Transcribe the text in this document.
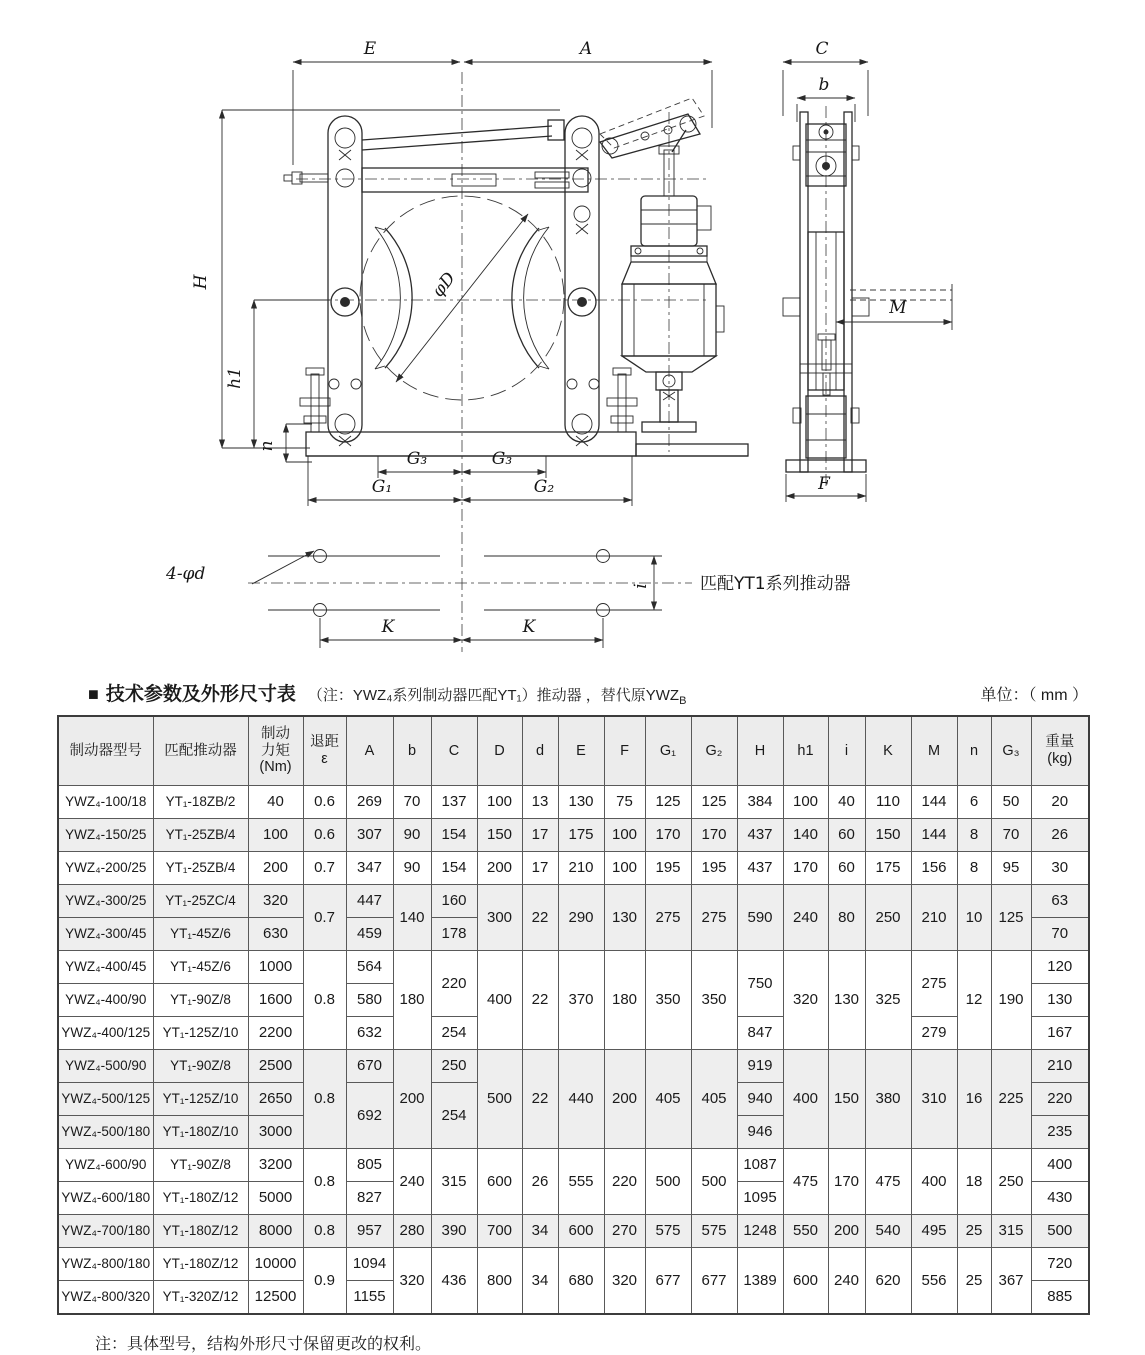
E	A
H
h1
n
φD
G₃	G₃
G₁	G₂
C
b
M
F
4-φd
i
K	K
匹配YT1系列推动器
■ 技术参数及外形尺寸表 （注：YWZ₄系列制动器匹配YT₁）推动器 ，替代原$YWZ_B$	单位：（ mm ）
制动器型号	匹配推动器	制动
力矩
(Nm)	退距
ε	A	b	C	D	d	E	F	G₁	G₂	H	h1	i	K	M	n	G₃	重量
(kg)
YWZ₄-100/18	YT₁-18ZB/2	40	0.6	269	70	137	100	13	130	75	125	125	384	100	40	110	144	6	50	20
YWZ₄-150/25	YT₁-25ZB/4	100	0.6	307	90	154	150	17	175	100	170	170	437	140	60	150	144	8	70	26
YWZ₄-200/25	YT₁-25ZB/4	200	0.7	347	90	154	200	17	210	100	195	195	437	170	60	175	156	8	95	30
YWZ₄-300/25	YT₁-25ZC/4	320	0.7	447	140	160	300	22	290	130	275	275	590	240	80	250	210	10	125	63
YWZ₄-300/45	YT₁-45Z/6	630		459		178														70
YWZ₄-400/45	YT₁-45Z/6	1000	0.8	564	180	220	400	22	370	180	350	350	750	320	130	325	275	12	190	120
YWZ₄-400/90	YT₁-90Z/8	1600		580																130
YWZ₄-400/125	YT₁-125Z/10	2200		632		254							847				279			167
YWZ₄-500/90	YT₁-90Z/8	2500	0.8	670	200	250	500	22	440	200	405	405	919	400	150	380	310	16	225	210
YWZ₄-500/125	YT₁-125Z/10	2650		692		254							940							220
YWZ₄-500/180	YT₁-180Z/10	3000											946							235
YWZ₄-600/90	YT₁-90Z/8	3200	0.8	805	240	315	600	26	555	220	500	500	1087	475	170	475	400	18	250	400
YWZ₄-600/180	YT₁-180Z/12	5000		827									1095							430
YWZ₄-700/180	YT₁-180Z/12	8000	0.8	957	280	390	700	34	600	270	575	575	1248	550	200	540	495	25	315	500
YWZ₄-800/180	YT₁-180Z/12	10000	0.9	1094	320	436	800	34	680	320	677	677	1389	600	240	620	556	25	367	720
YWZ₄-800/320	YT₁-320Z/12	12500		1155																885
注：具体型号，结构外形尺寸保留更改的权利。
